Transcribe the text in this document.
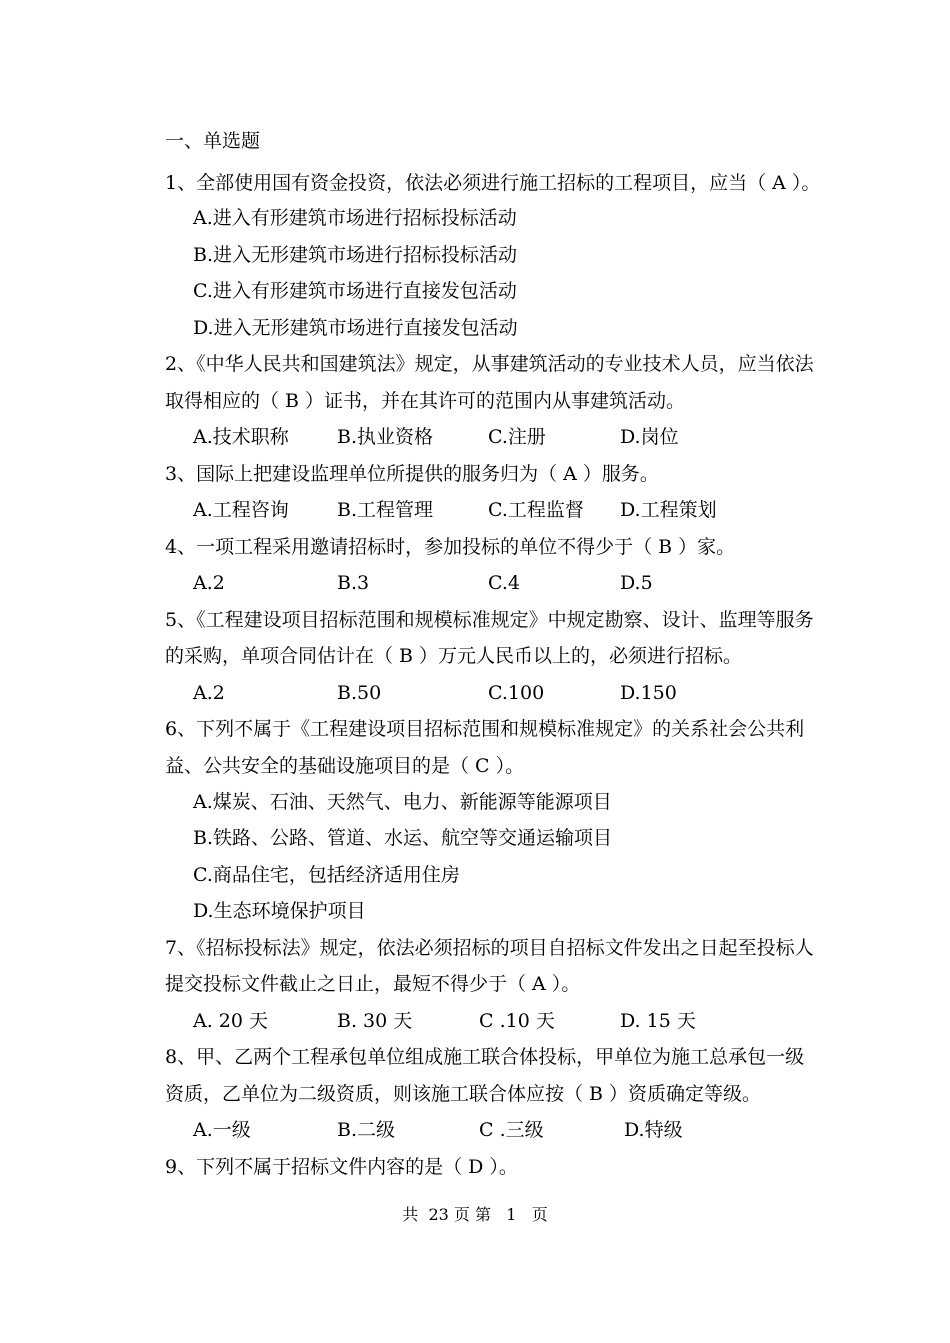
一、单选题
1、全部使用国有资金投资，依法必须进行施工招标的工程项目，应当（ A ）。
A.进入有形建筑市场进行招标投标活动
B.进入无形建筑市场进行招标投标活动
C.进入有形建筑市场进行直接发包活动
D.进入无形建筑市场进行直接发包活动
2、《中华人民共和国建筑法》规定，从事建筑活动的专业技术人员，应当依法
取得相应的（ B ）证书，并在其许可的范围内从事建筑活动。
A.技术职称	B.执业资格	C.注册	D.岗位
3、国际上把建设监理单位所提供的服务归为（ A ）服务。
A.工程咨询	B.工程管理	C.工程监督 D.工程策划
4、一项工程采用邀请招标时，参加投标的单位不得少于（ B ）家。
A.2	B.3	C.4	D.5
5、《工程建设项目招标范围和规模标准规定》中规定勘察、设计、监理等服务
的采购，单项合同估计在（ B ）万元人民币以上的，必须进行招标。
A.2	B.50	C.100	D.150
6、下列不属于《工程建设项目招标范围和规模标准规定》的关系社会公共利
益、公共安全的基础设施项目的是（ C ）。
A.煤炭、石油、天然气、电力、新能源等能源项目
B.铁路、公路、管道、水运、航空等交通运输项目
C.商品住宅，包括经济适用住房
D.生态环境保护项目
7、《招标投标法》规定，依法必须招标的项目自招标文件发出之日起至投标人
提交投标文件截止之日止，最短不得少于（ A ）。
A. 20 天	B. 30 天	C .10 天	D. 15 天
8、甲、乙两个工程承包单位组成施工联合体投标，甲单位为施工总承包一级
资质，乙单位为二级资质，则该施工联合体应按（ B ）资质确定等级。
A.一级	B.二级	C .三级	D.特级
9、下列不属于招标文件内容的是（ D ）。
共  23 页 第   1   页
